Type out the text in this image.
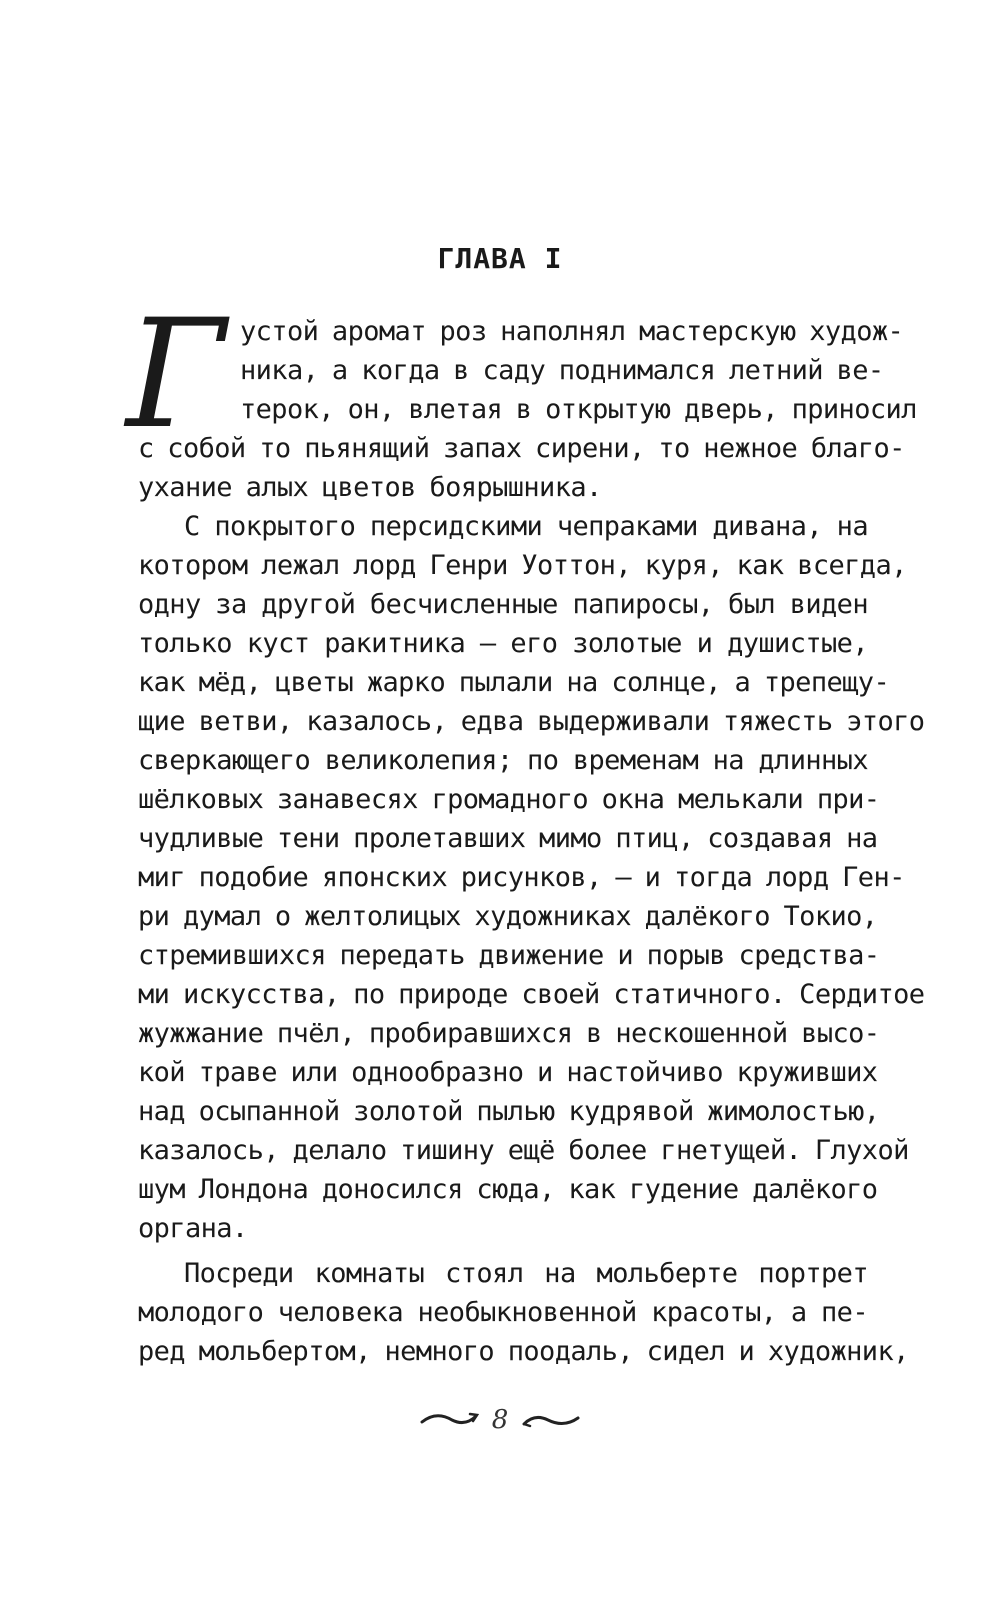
ГЛАВА I
Г устой аромат роз наполнял мастерскую худож-
ника, а когда в саду поднимался летний ве-
терок, он, влетая в открытую дверь, приносил
с собой то пьянящий запах сирени, то нежное благо-
ухание алых цветов боярышника.
С покрытого персидскими чепраками дивана, на
котором лежал лорд Генри Уоттон, куря, как всегда,
одну за другой бесчисленные папиросы, был виден
только куст ракитника — его золотые и душистые,
как мёд, цветы жарко пылали на солнце, а трепещу-
щие ветви, казалось, едва выдерживали тяжесть этого
сверкающего великолепия; по временам на длинных
шёлковых занавесях громадного окна мелькали при-
чудливые тени пролетавших мимо птиц, создавая на
миг подобие японских рисунков, — и тогда лорд Ген-
ри думал о желтолицых художниках далёкого Токио,
стремившихся передать движение и порыв средства-
ми искусства, по природе своей статичного. Сердитое
жужжание пчёл, пробиравшихся в нескошенной высо-
кой траве или однообразно и настойчиво круживших
над осыпанной золотой пылью кудрявой жимолостью,
казалось, делало тишину ещё более гнетущей. Глухой
шум Лондона доносился сюда, как гудение далёкого
органа.
Посреди комнаты стоял на мольберте портрет
молодого человека необыкновенной красоты, а пе-
ред мольбертом, немного поодаль, сидел и художник,
8
